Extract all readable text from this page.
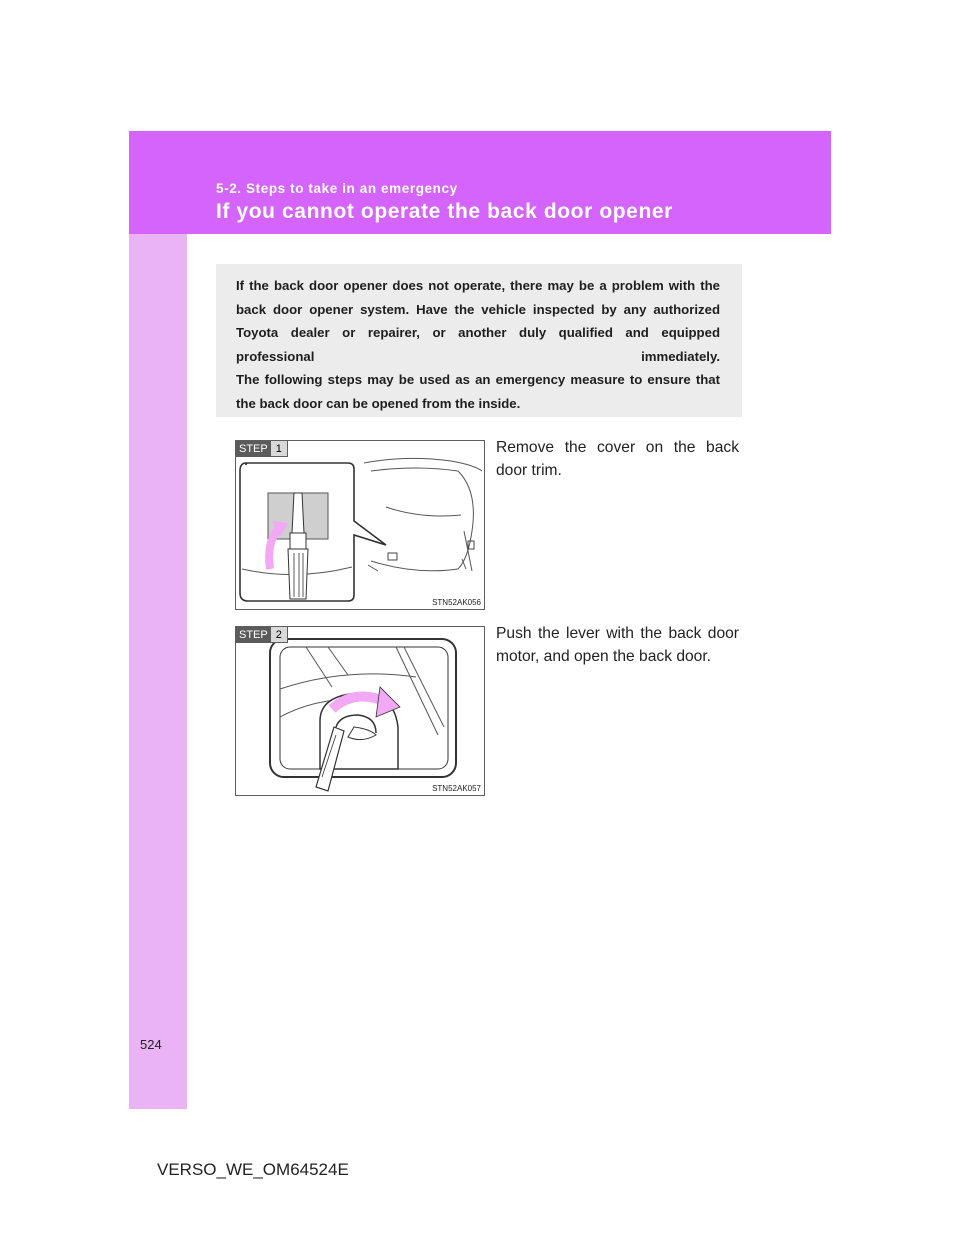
5-2. Steps to take in an emergency
If you cannot operate the back door opener

If the back door opener does not operate, there may be a problem with the back door opener system. Have the vehicle inspected by any authorized Toyota dealer or repairer, or another duly qualified and equipped professional immediately.

The following steps may be used as an emergency measure to ensure that the back door can be opened from the inside.

STEP 1
STN52AK056
Remove the cover on the back door trim.
STEP 2
STN52AK057
Push the lever with the back door motor, and open the back door.
524
VERSO_WE_OM64524E
